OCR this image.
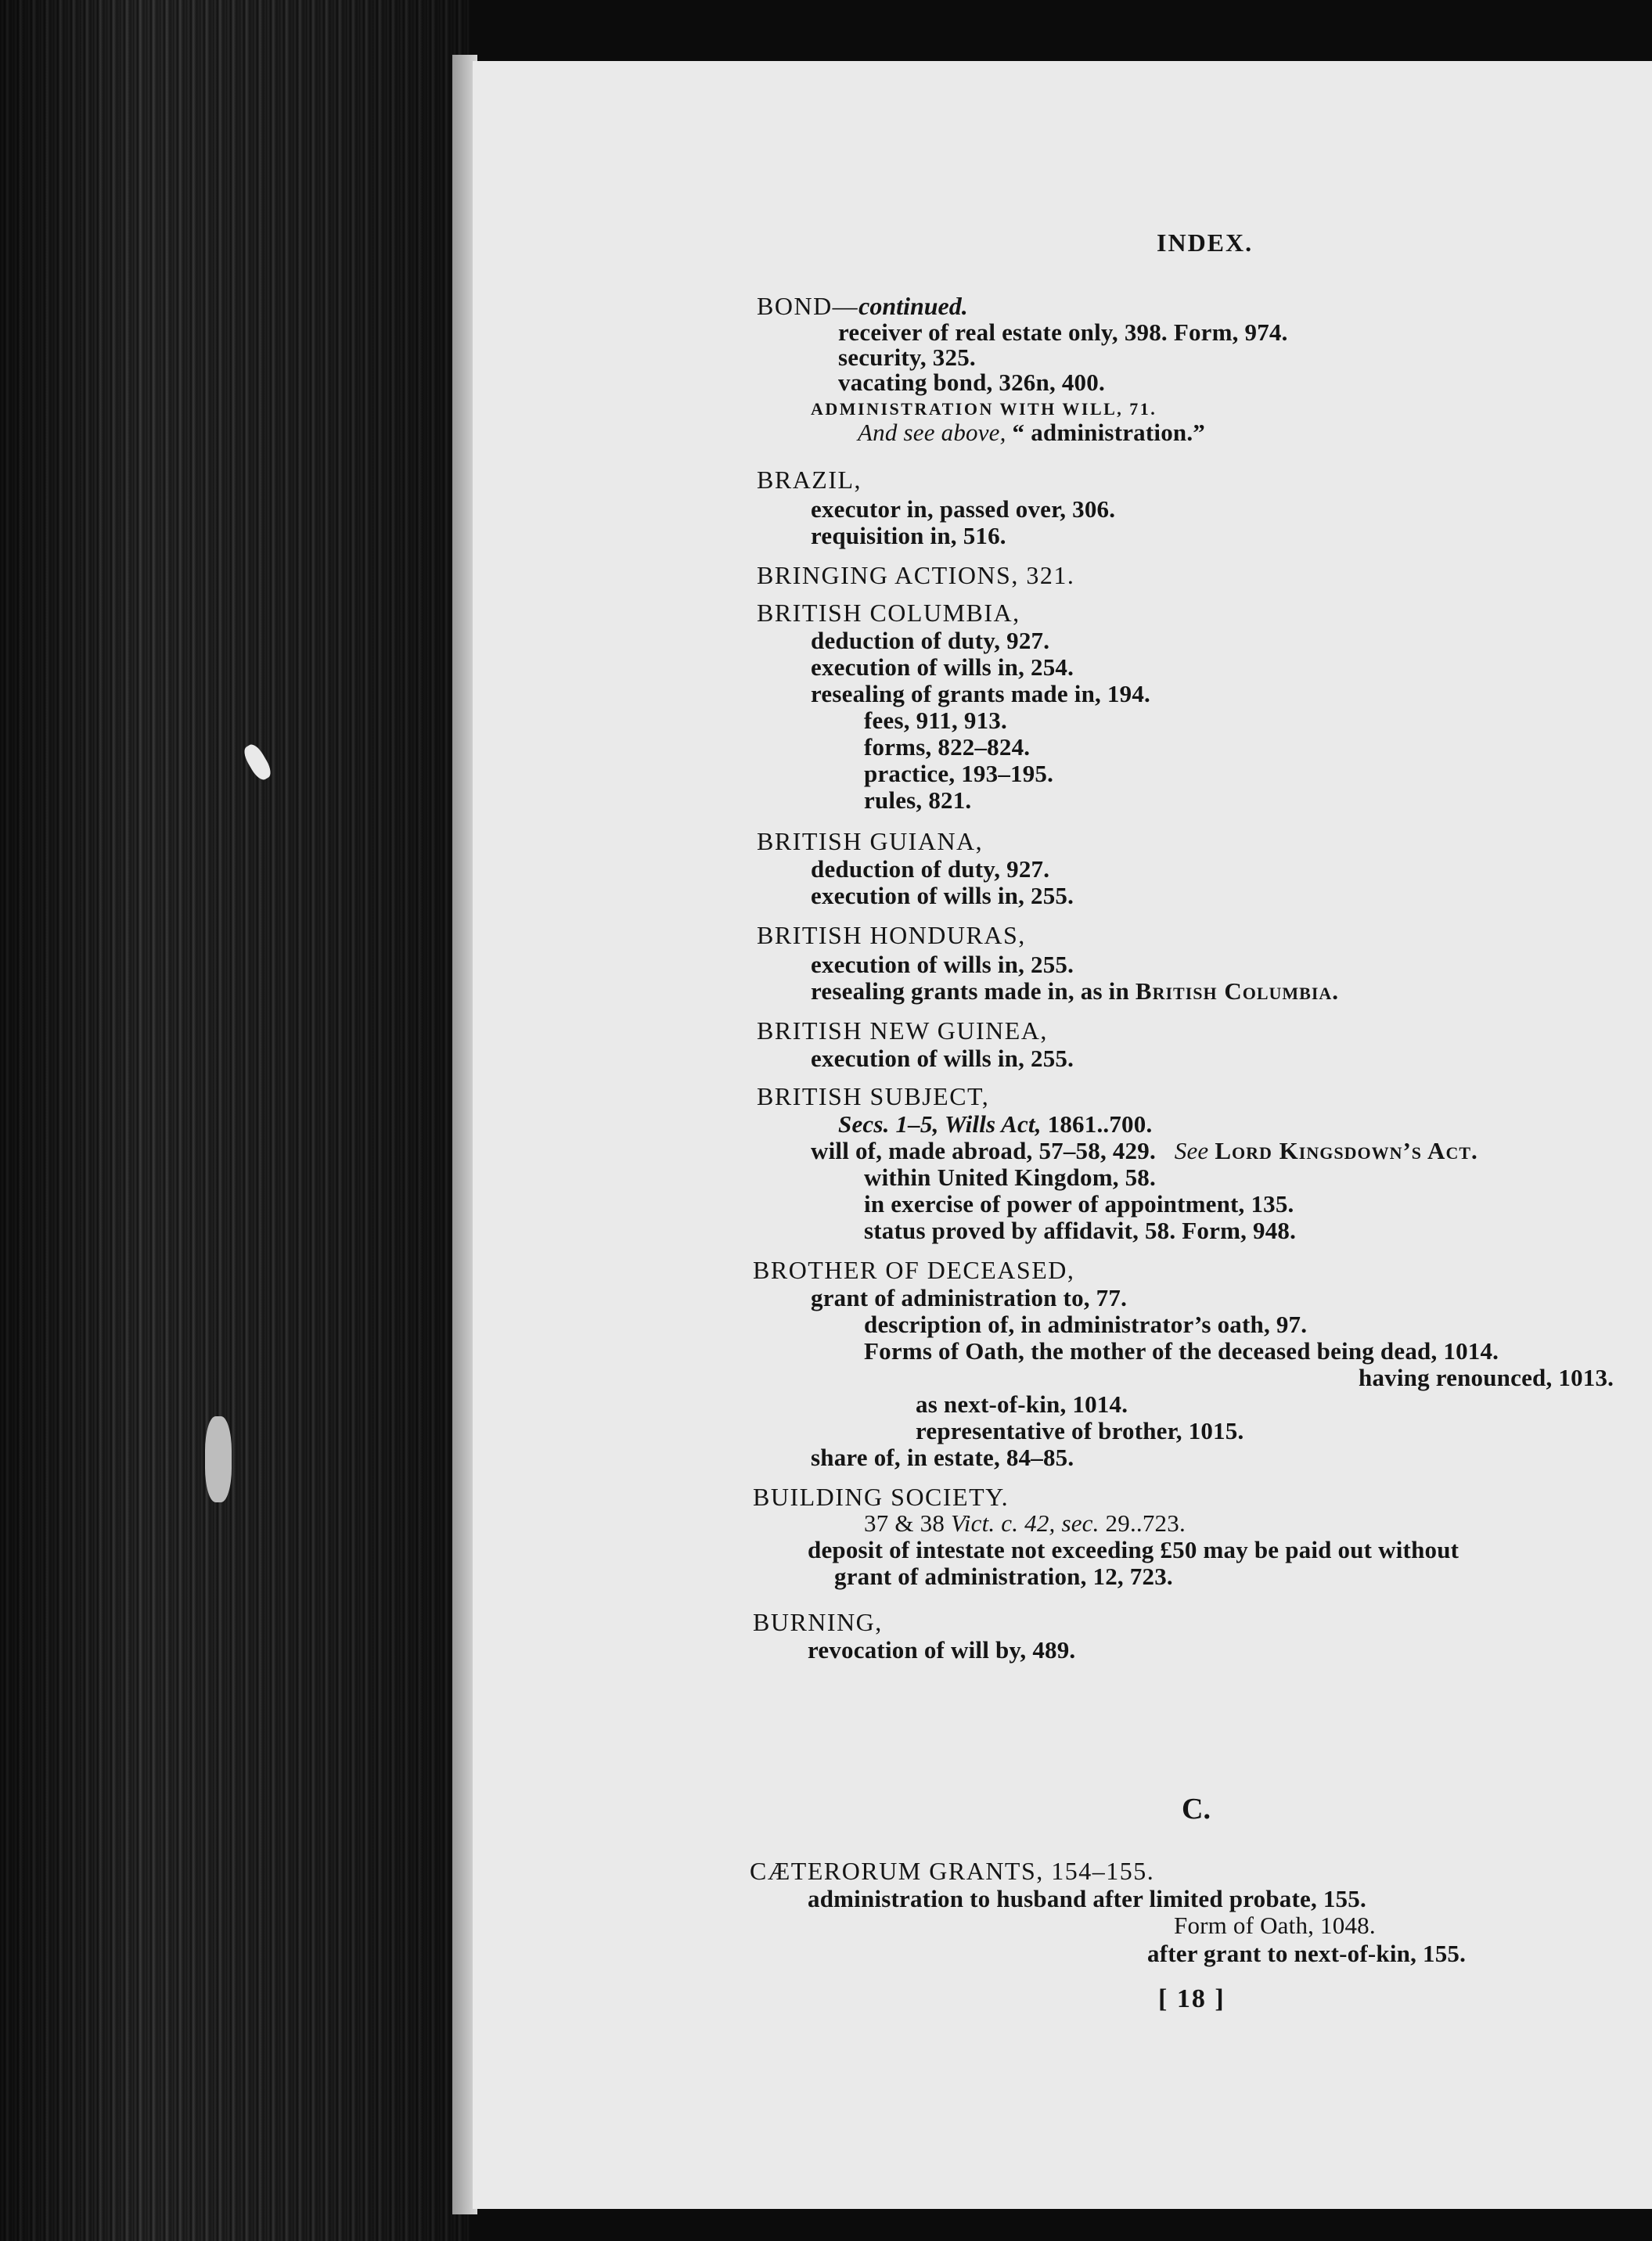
INDEX.
BOND—continued.
receiver of real estate only, 398. Form, 974.
security, 325.
vacating bond, 326n, 400.
ADMINISTRATION WITH WILL, 71.
And see above, “ administration.”
BRAZIL,
executor in, passed over, 306.
requisition in, 516.
BRINGING ACTIONS, 321.
BRITISH COLUMBIA,
deduction of duty, 927.
execution of wills in, 254.
resealing of grants made in, 194.
fees, 911, 913.
forms, 822–824.
practice, 193–195.
rules, 821.
BRITISH GUIANA,
deduction of duty, 927.
execution of wills in, 255.
BRITISH HONDURAS,
execution of wills in, 255.
resealing grants made in, as in British Columbia.
BRITISH NEW GUINEA,
execution of wills in, 255.
BRITISH SUBJECT,
Secs. 1–5, Wills Act, 1861..700.
will of, made abroad, 57–58, 429. See Lord Kingsdown’s Act.
within United Kingdom, 58.
in exercise of power of appointment, 135.
status proved by affidavit, 58. Form, 948.
BROTHER OF DECEASED,
grant of administration to, 77.
description of, in administrator’s oath, 97.
Forms of Oath, the mother of the deceased being dead, 1014.
having renounced, 1013.
as next-of-kin, 1014.
representative of brother, 1015.
share of, in estate, 84–85.
BUILDING SOCIETY.
37 & 38 Vict. c. 42, sec. 29..723.
deposit of intestate not exceeding £50 may be paid out without
grant of administration, 12, 723.
BURNING,
revocation of will by, 489.
C.
CÆTERORUM GRANTS, 154–155.
administration to husband after limited probate, 155.
Form of Oath, 1048.
after grant to next-of-kin, 155.
[ 18 ]
